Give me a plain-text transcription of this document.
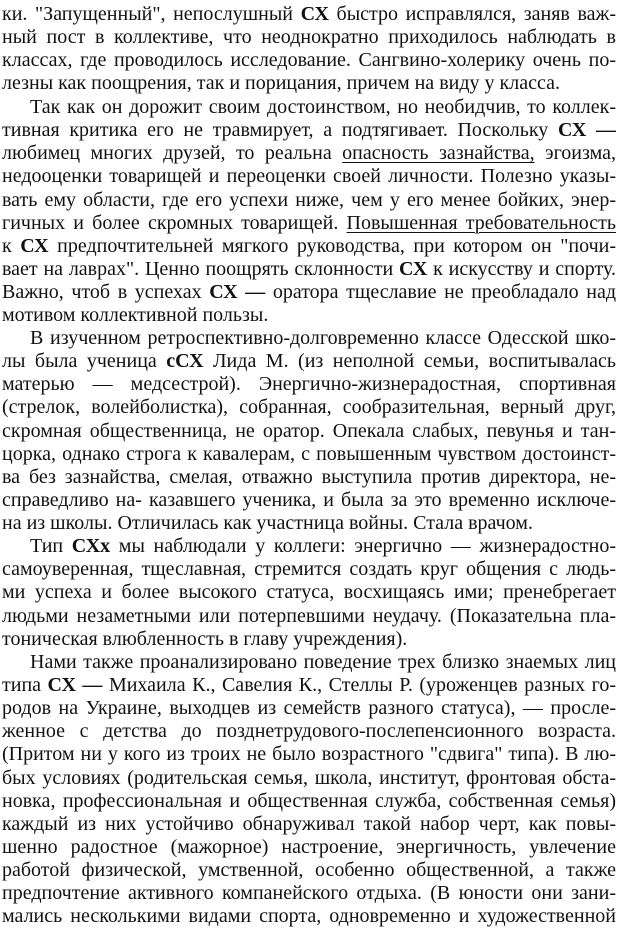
ки. "Запущенный", непослушный СХ быстро исправлялся, заняв важ-
ный пост в коллективе, что неоднократно приходилось наблюдать в
классах, где проводилось исследование. Сангвино-холерику очень по-
лезны как поощрения, так и порицания, причем на виду у класса.
Так как он дорожит своим достоинством, но необидчив, то коллек-
тивная критика его не травмирует, а подтягивает. Поскольку СХ —
любимец многих друзей, то реальна опасность зазнайства, эгоизма,
недооценки товарищей и переоценки своей личности. Полезно указы-
вать ему области, где его успехи ниже, чем у его менее бойких, энер-
гичных и более скромных товарищей. Повышенная требовательность
к СХ предпочтительней мягкого руководства, при котором он "почи-
вает на лаврах". Ценно поощрять склонности СХ к искусству и спорту.
Важно, чтоб в успехах СХ — оратора тщеславие не преобладало над
мотивом коллективной пользы.
В изученном ретроспективно-долговременно классе Одесской шко-
лы была ученица сСХ Лида М. (из неполной семьи, воспитывалась
матерью — медсестрой). Энергично-жизнерадостная, спортивная
(стрелок, волейболистка), собранная, сообразительная, верный друг,
скромная общественница, не оратор. Опекала слабых, певунья и тан-
цорка, однако строга к кавалерам, с повышенным чувством достоинст-
ва без зазнайства, смелая, отважно выступила против директора, не-
справедливо на- казавшего ученика, и была за это временно исключе-
на из школы. Отличилась как участница войны. Стала врачом.
Тип СХх мы наблюдали у коллеги: энергично — жизнерадостно-
самоуверенная, тщеславная, стремится создать круг общения с людь-
ми успеха и более высокого статуса, восхищаясь ими; пренебрегает
людьми незаметными или потерпевшими неудачу. (Показательна пла-
тоническая влюбленность в главу учреждения).
Нами также проанализировано поведение трех близко знаемых лиц
типа СХ — Михаила К., Савелия К., Стеллы Р. (уроженцев разных го-
родов на Украине, выходцев из семейств разного статуса), — просле-
женное с детства до позднетрудового-послепенсионного возраста.
(Притом ни у кого из троих не было возрастного "сдвига" типа). В лю-
бых условиях (родительская семья, школа, институт, фронтовая обста-
новка, профессиональная и общественная служба, собственная семья)
каждый из них устойчиво обнаруживал такой набор черт, как повы-
шенно радостное (мажорное) настроение, энергичность, увлечение
работой физической, умственной, особенно общественной, а также
предпочтение активного компанейского отдыха. (В юности они зани-
мались несколькими видами спорта, одновременно и художественной
